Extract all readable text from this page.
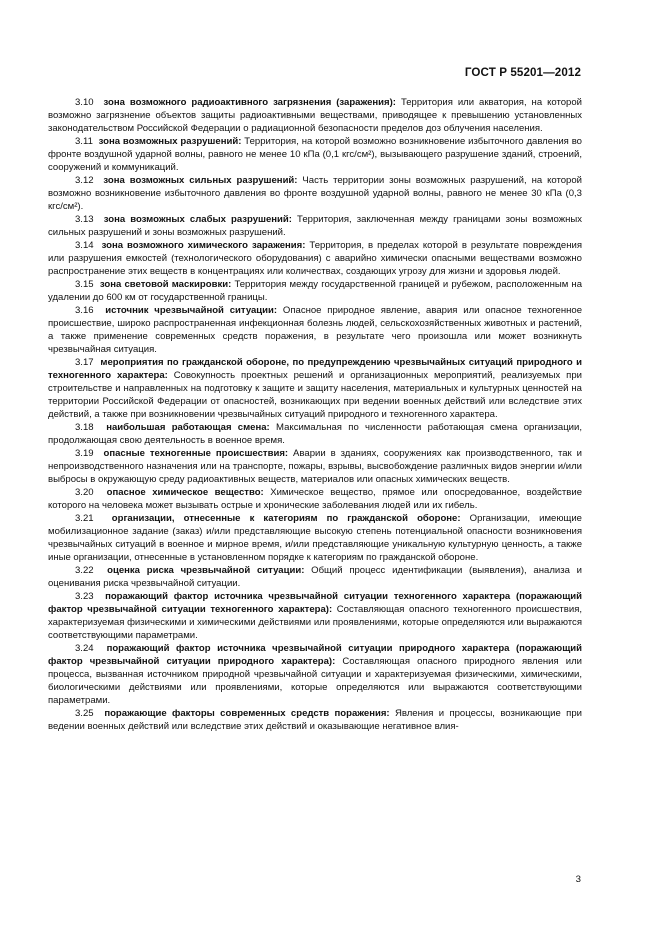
ГОСТ Р 55201—2012

3.10 зона возможного радиоактивного загрязнения (заражения): Территория или акватория, на которой возможно загрязнение объектов защиты радиоактивными веществами, приводящее к превышению установленных законодательством Российской Федерации о радиационной безопасности пределов доз облучения населения.

3.11 зона возможных разрушений: Территория, на которой возможно возникновение избыточного давления во фронте воздушной ударной волны, равного не менее 10 кПа (0,1 кгс/см²), вызывающего разрушение зданий, строений, сооружений и коммуникаций.

3.12 зона возможных сильных разрушений: Часть территории зоны возможных разрушений, на которой возможно возникновение избыточного давления во фронте воздушной ударной волны, равного не менее 30 кПа (0,3 кгс/см²).

3.13 зона возможных слабых разрушений: Территория, заключенная между границами зоны возможных сильных разрушений и зоны возможных разрушений.

3.14 зона возможного химического заражения: Территория, в пределах которой в результате повреждения или разрушения емкостей (технологического оборудования) с аварийно химически опасными веществами возможно распространение этих веществ в концентрациях или количествах, создающих угрозу для жизни и здоровья людей.

3.15 зона световой маскировки: Территория между государственной границей и рубежом, расположенным на удалении до 600 км от государственной границы.

3.16 источник чрезвычайной ситуации: Опасное природное явление, авария или опасное техногенное происшествие, широко распространенная инфекционная болезнь людей, сельскохозяйственных животных и растений, а также применение современных средств поражения, в результате чего произошла или может возникнуть чрезвычайная ситуация.

3.17 мероприятия по гражданской обороне, по предупреждению чрезвычайных ситуаций природного и техногенного характера: Совокупность проектных решений и организационных мероприятий, реализуемых при строительстве и направленных на подготовку к защите и защиту населения, материальных и культурных ценностей на территории Российской Федерации от опасностей, возникающих при ведении военных действий или вследствие этих действий, а также при возникновении чрезвычайных ситуаций природного и техногенного характера.

3.18 наибольшая работающая смена: Максимальная по численности работающая смена организации, продолжающая свою деятельность в военное время.

3.19 опасные техногенные происшествия: Аварии в зданиях, сооружениях как производственного, так и непроизводственного назначения или на транспорте, пожары, взрывы, высвобождение различных видов энергии и/или выбросы в окружающую среду радиоактивных веществ, материалов или опасных химических веществ.

3.20 опасное химическое вещество: Химическое вещество, прямое или опосредованное, воздействие которого на человека может вызывать острые и хронические заболевания людей или их гибель.

3.21 организации, отнесенные к категориям по гражданской обороне: Организации, имеющие мобилизационное задание (заказ) и/или представляющие высокую степень потенциальной опасности возникновения чрезвычайных ситуаций в военное и мирное время, и/или представляющие уникальную культурную ценность, а также иные организации, отнесенные в установленном порядке к категориям по гражданской обороне.

3.22 оценка риска чрезвычайной ситуации: Общий процесс идентификации (выявления), анализа и оценивания риска чрезвычайной ситуации.

3.23 поражающий фактор источника чрезвычайной ситуации техногенного характера (поражающий фактор чрезвычайной ситуации техногенного характера): Составляющая опасного техногенного происшествия, характеризуемая физическими и химическими действиями или проявлениями, которые определяются или выражаются соответствующими параметрами.

3.24 поражающий фактор источника чрезвычайной ситуации природного характера (поражающий фактор чрезвычайной ситуации природного характера): Составляющая опасного природного явления или процесса, вызванная источником природной чрезвычайной ситуации и характеризуемая физическими, химическими, биологическими действиями или проявлениями, которые определяются или выражаются соответствующими параметрами.

3.25 поражающие факторы современных средств поражения: Явления и процессы, возникающие при ведении военных действий или вследствие этих действий и оказывающие негативное влия-

3
